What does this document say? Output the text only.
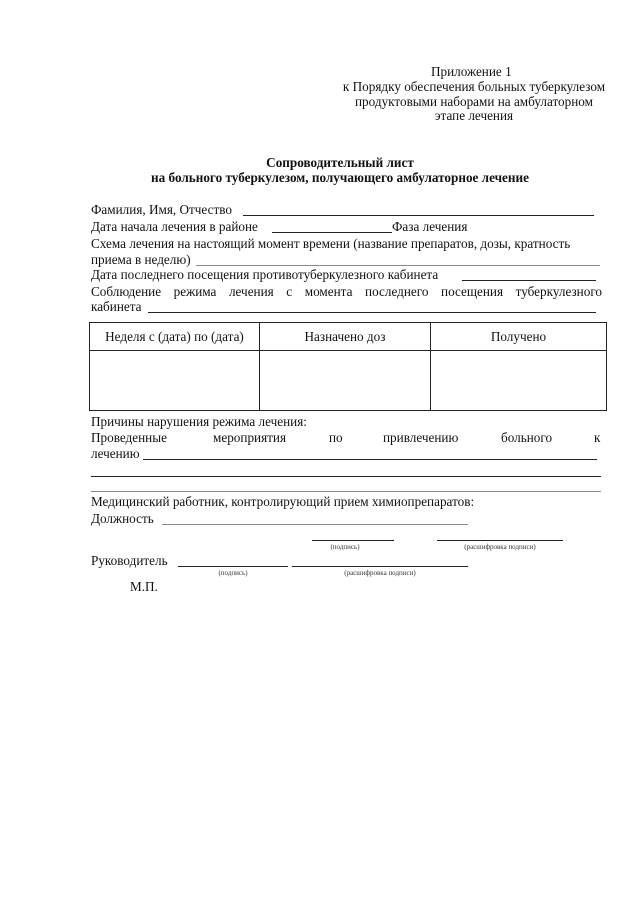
Приложение 1
к Порядку обеспечения больных туберкулезом
продуктовыми наборами на амбулаторном
этапе лечения
Сопроводительный лист
на больного туберкулезом, получающего амбулаторное лечение
Фамилия, Имя, Отчество
Дата начала лечения в районе	Фаза лечения
Схема лечения на настоящий момент времени (название препаратов, дозы, кратность
приема в неделю)
Дата последнего посещения противотуберкулезного кабинета
Соблюдение режима лечения с момента последнего посещения туберкулезного
кабинета
Неделя с (дата) по (дата)	Назначено доз	Получено

Причины нарушения режима лечения:
Проведенные	мероприятия	по	привлечению	больного	к
лечению
Медицинский работник, контролирующий прием химиопрепаратов:
Должность
(подпись)	(расшифровка подписи)
Руководитель
(подпись)	(расшифровка подписи)
М.П.
